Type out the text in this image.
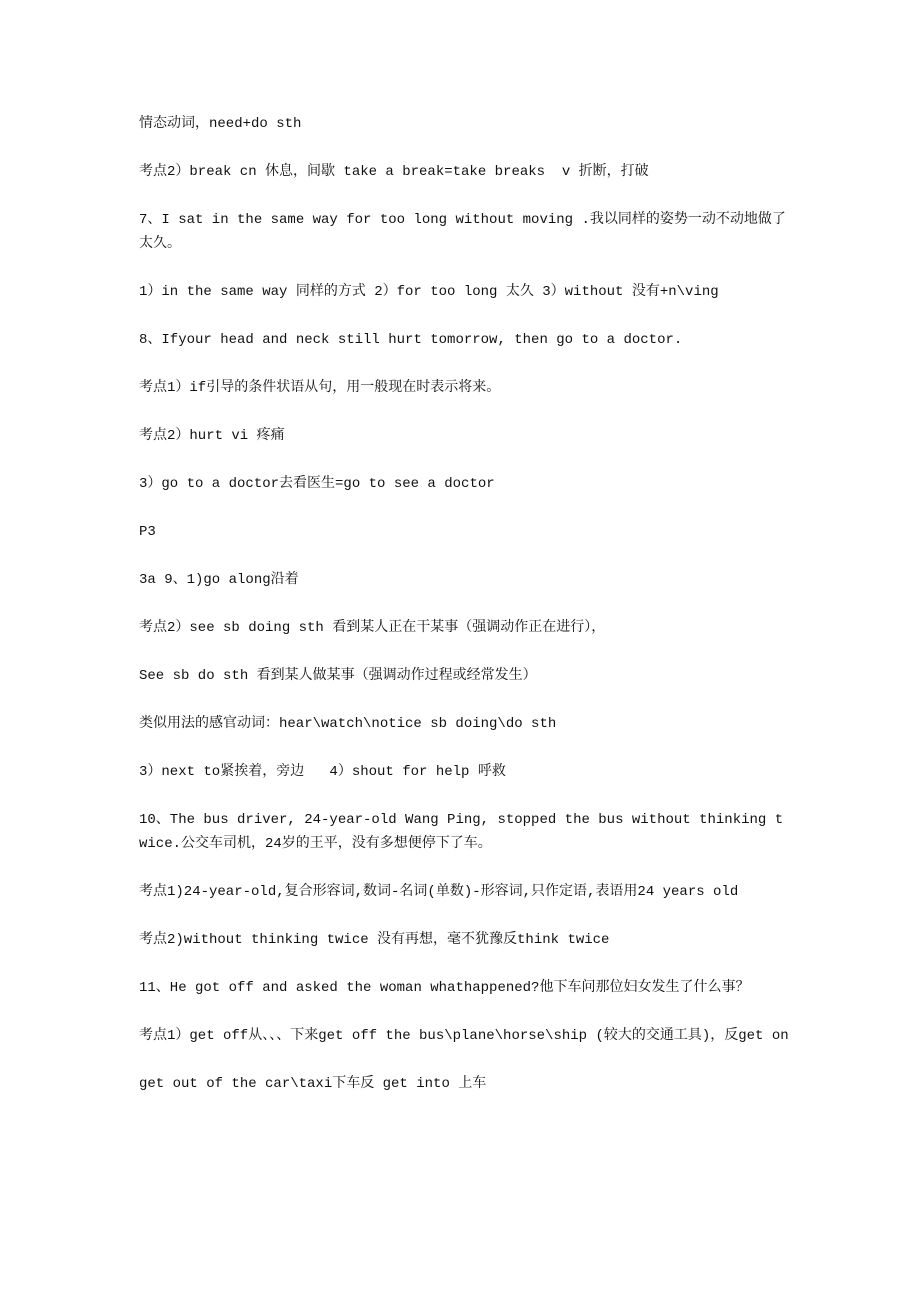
情态动词，need+do sth

考点2）break cn 休息，间歇 take a break=take breaks  v 折断，打破

7、I sat in the same way for too long without moving .我以同样的姿势一动不动地做了太久。

1）in the same way 同样的方式 2）for too long 太久 3）without 没有+n\ving

8、Ifyour head and neck still hurt tomorrow, then go to a doctor.

考点1）if引导的条件状语从句，用一般现在时表示将来。

考点2）hurt vi 疼痛

3）go to a doctor去看医生=go to see a doctor

P3

3a 9、1)go along沿着

考点2）see sb doing sth 看到某人正在干某事（强调动作正在进行），

See sb do sth 看到某人做某事（强调动作过程或经常发生）

类似用法的感官动词：hear\watch\notice sb doing\do sth

3）next to紧挨着，旁边   4）shout for help 呼救

10、The bus driver, 24-year-old Wang Ping, stopped the bus without thinking twice.公交车司机，24岁的王平，没有多想便停下了车。

考点1)24-year-old,复合形容词,数词-名词(单数)-形容词,只作定语,表语用24 years old

考点2)without thinking twice 没有再想，毫不犹豫反think twice

11、He got off and asked the woman whathappened?他下车问那位妇女发生了什么事？

考点1）get off从、、、下来get off the bus\plane\horse\ship (较大的交通工具)，反get on

get out of the car\taxi下车反 get into 上车
